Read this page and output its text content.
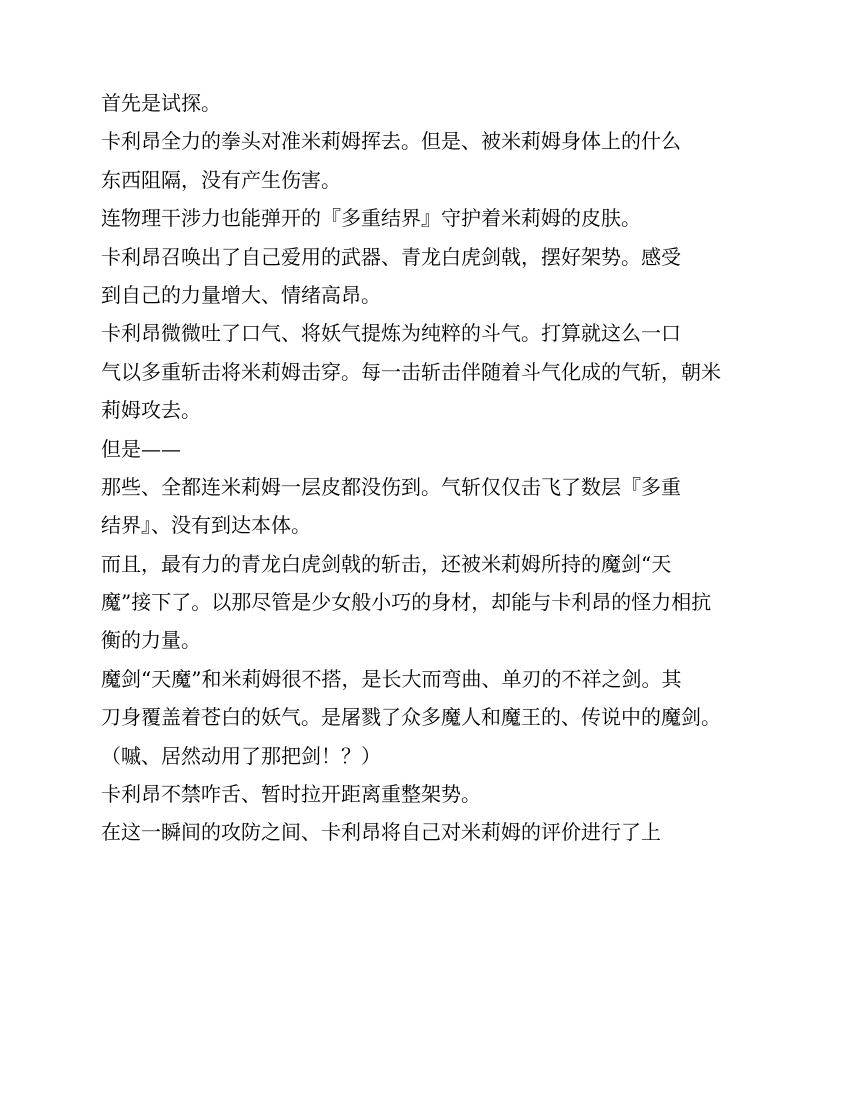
首先是试探。
卡利昂全力的拳头对准米莉姆挥去。但是、被米莉姆身体上的什么
东西阻隔，没有产生伤害。
连物理干涉力也能弹开的『多重结界』守护着米莉姆的皮肤。
卡利昂召唤出了自己爱用的武器、青龙白虎剑戟，摆好架势。感受
到自己的力量增大、情绪高昂。
卡利昂微微吐了口气、将妖气提炼为纯粹的斗气。打算就这么一口
气以多重斩击将米莉姆击穿。每一击斩击伴随着斗气化成的气斩，朝米
莉姆攻去。
但是——
那些、全都连米莉姆一层皮都没伤到。气斩仅仅击飞了数层『多重
结界』、没有到达本体。
而且，最有力的青龙白虎剑戟的斩击，还被米莉姆所持的魔剑“天
魔”接下了。以那尽管是少女般小巧的身材，却能与卡利昂的怪力相抗
衡的力量。
魔剑“天魔”和米莉姆很不搭，是长大而弯曲、单刃的不祥之剑。其
刀身覆盖着苍白的妖气。是屠戮了众多魔人和魔王的、传说中的魔剑。
（嘁、居然动用了那把剑！？）
卡利昂不禁咋舌、暂时拉开距离重整架势。
在这一瞬间的攻防之间、卡利昂将自己对米莉姆的评价进行了上
